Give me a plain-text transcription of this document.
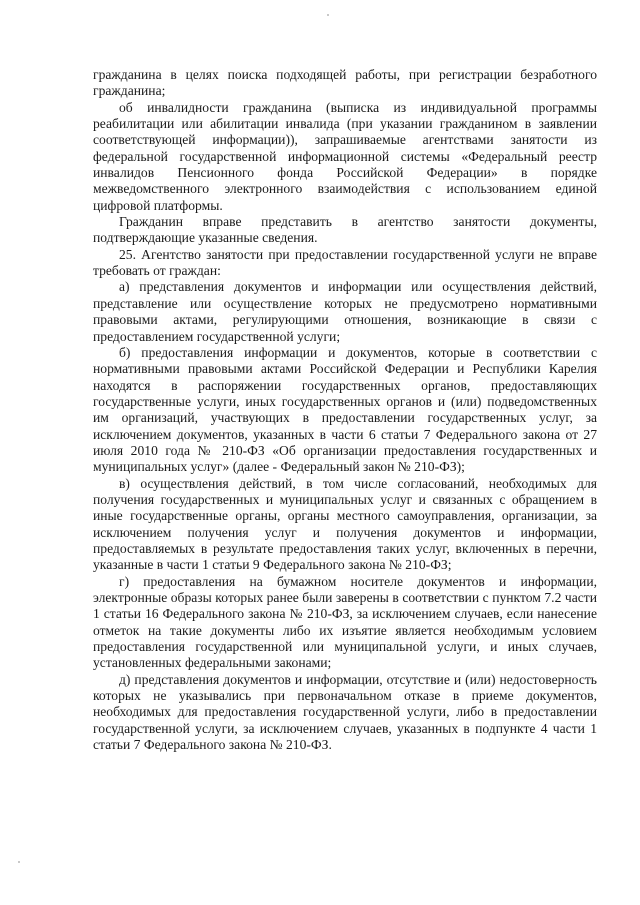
гражданина в целях поиска подходящей работы, при регистрации безработного гражданина;

об инвалидности гражданина (выписка из индивидуальной программы реабилитации или абилитации инвалида (при указании гражданином в заявлении соответствующей информации)), запрашиваемые агентствами занятости из федеральной государственной информационной системы «Федеральный реестр инвалидов Пенсионного фонда Российской Федерации» в порядке межведомственного электронного взаимодействия с использованием единой цифровой платформы.

Гражданин вправе представить в агентство занятости документы, подтверждающие указанные сведения.

25. Агентство занятости при предоставлении государственной услуги не вправе требовать от граждан:

а) представления документов и информации или осуществления действий, представление или осуществление которых не предусмотрено нормативными правовыми актами, регулирующими отношения, возникающие в связи с предоставлением государственной услуги;

б) предоставления информации и документов, которые в соответствии с нормативными правовыми актами Российской Федерации и Республики Карелия находятся в распоряжении государственных органов, предоставляющих государственные услуги, иных государственных органов и (или) подведомственных им организаций, участвующих в предоставлении государственных услуг, за исключением документов, указанных в части 6 статьи 7 Федерального закона от 27 июля 2010 года № 210-ФЗ «Об организации предоставления государственных и муниципальных услуг» (далее - Федеральный закон № 210-ФЗ);

в) осуществления действий, в том числе согласований, необходимых для получения государственных и муниципальных услуг и связанных с обращением в иные государственные органы, органы местного самоуправления, организации, за исключением получения услуг и получения документов и информации, предоставляемых в результате предоставления таких услуг, включенных в перечни, указанные в части 1 статьи 9 Федерального закона № 210-ФЗ;

г) предоставления на бумажном носителе документов и информации, электронные образы которых ранее были заверены в соответствии с пунктом 7.2 части 1 статьи 16 Федерального закона № 210-ФЗ, за исключением случаев, если нанесение отметок на такие документы либо их изъятие является необходимым условием предоставления государственной или муниципальной услуги, и иных случаев, установленных федеральными законами;

д) представления документов и информации, отсутствие и (или) недостоверность которых не указывались при первоначальном отказе в приеме документов, необходимых для предоставления государственной услуги, либо в предоставлении государственной услуги, за исключением случаев, указанных в подпункте 4 части 1 статьи 7 Федерального закона № 210-ФЗ.
